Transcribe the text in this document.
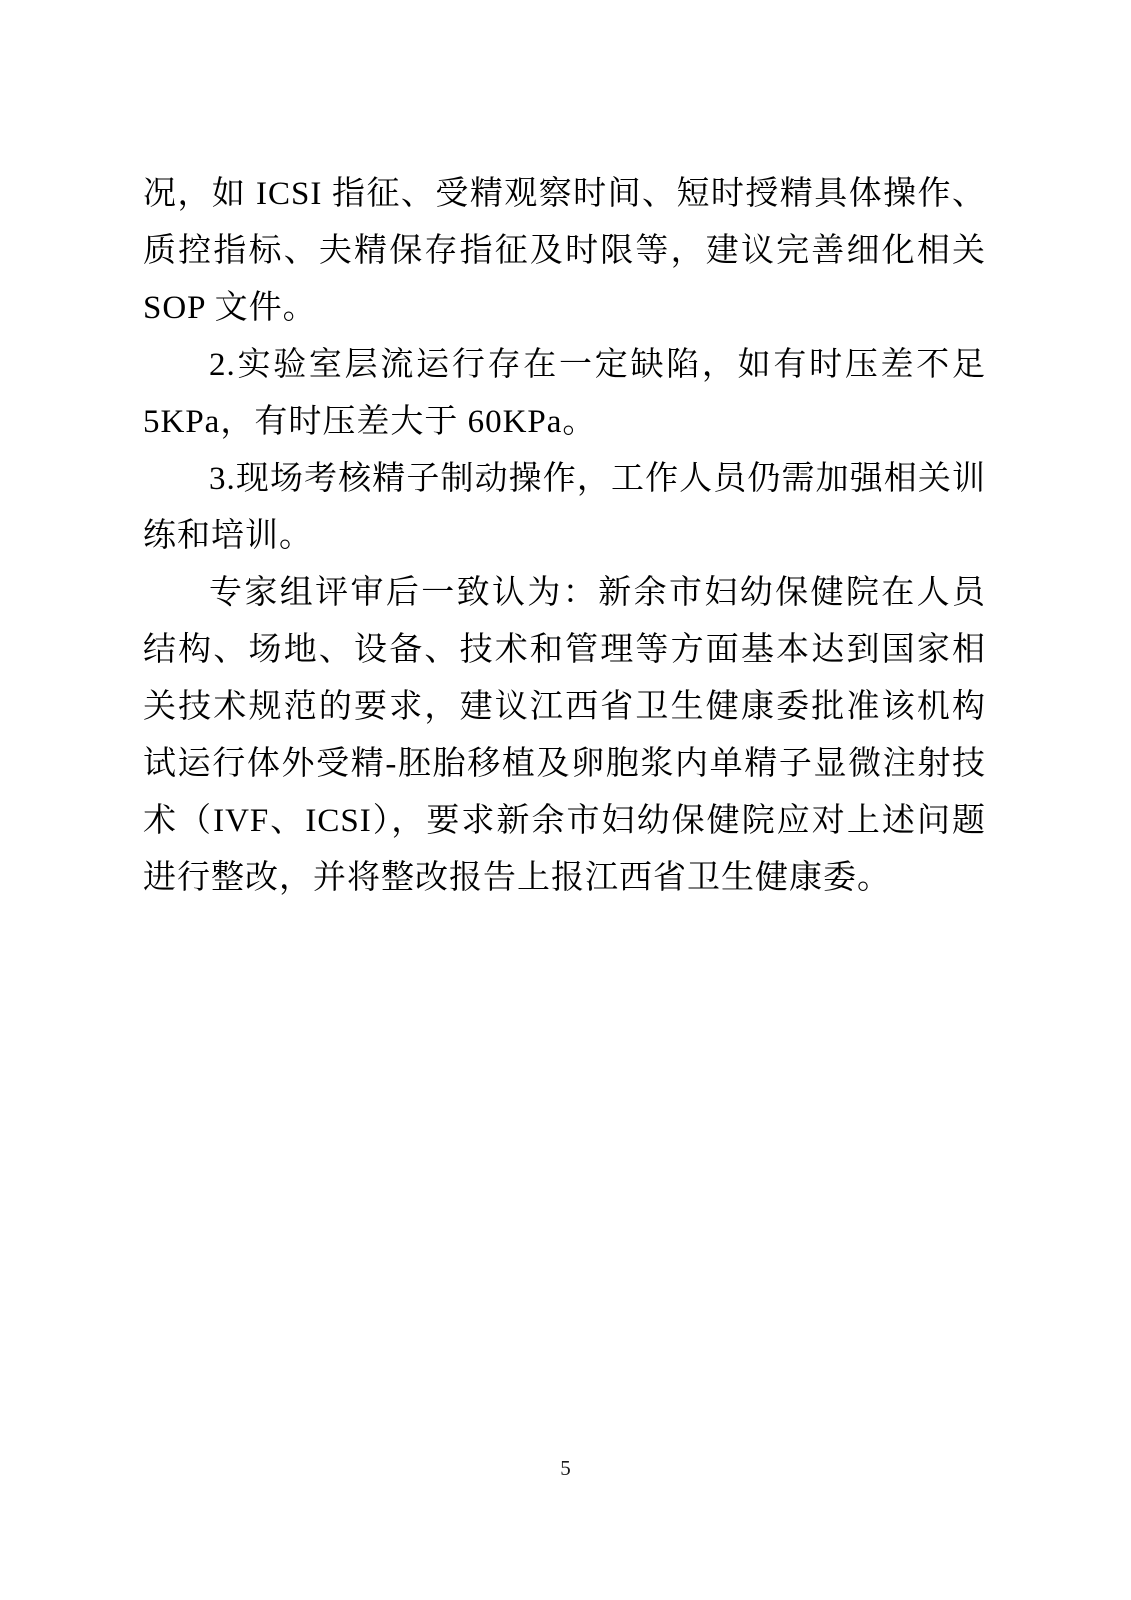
况，如 ICSI 指征、受精观察时间、短时授精具体操作、质控指标、夫精保存指征及时限等，建议完善细化相关 SOP 文件。

2.实验室层流运行存在一定缺陷，如有时压差不足 5KPa，有时压差大于 60KPa。

3.现场考核精子制动操作，工作人员仍需加强相关训练和培训。

专家组评审后一致认为：新余市妇幼保健院在人员结构、场地、设备、技术和管理等方面基本达到国家相关技术规范的要求，建议江西省卫生健康委批准该机构试运行体外受精-胚胎移植及卵胞浆内单精子显微注射技术（IVF、ICSI），要求新余市妇幼保健院应对上述问题进行整改，并将整改报告上报江西省卫生健康委。

5
